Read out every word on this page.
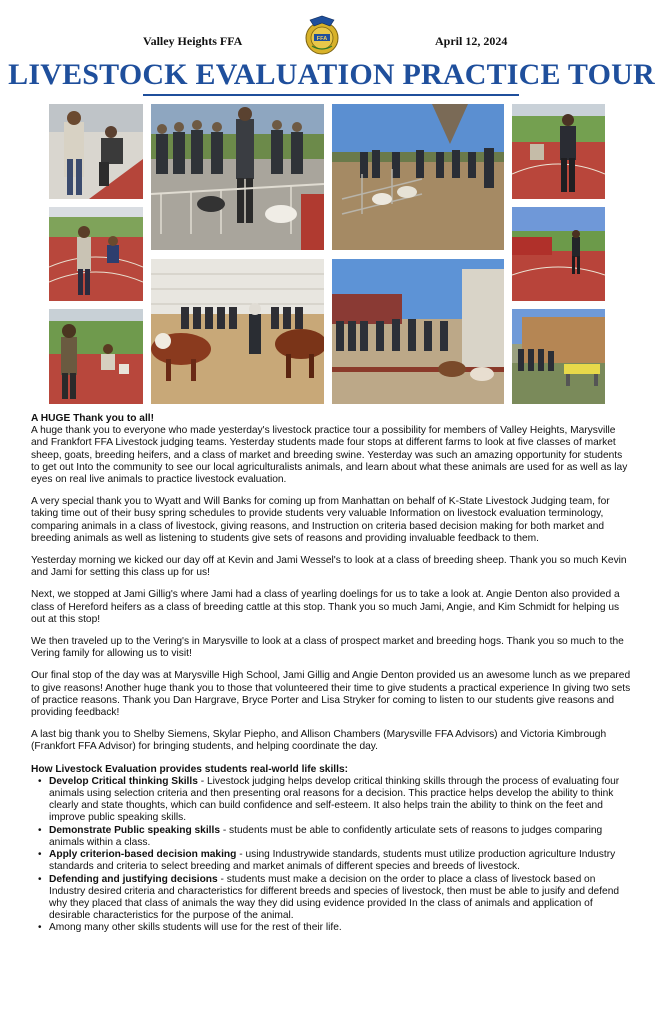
Valley Heights FFA	FFA	April 12, 2024
LIVESTOCK EVALUATION PRACTICE TOUR
A HUGE Thank you to all!

A huge thank you to everyone who made yesterday's livestock practice tour a possibility for members of Valley Heights, Marysville and Frankfort FFA Livestock judging teams. Yesterday students made four stops at different farms to look at five classes of market sheep, goats, breeding heifers, and a class of market and breeding swine. Yesterday was such an amazing opportunity for students to get out Into the community to see our local agriculturalists animals, and learn about what these animals are used for as well as lay eyes on real live animals to practice livestock evaluation.

A very special thank you to Wyatt and Will Banks for coming up from Manhattan on behalf of K-State Livestock Judging team, for taking time out of their busy spring schedules to provide students very valuable Information on livestock evaluation terminology, comparing animals in a class of livestock, giving reasons, and Instruction on criteria based decision making for both market and breeding animals as well as listening to students give sets of reasons and providing invaluable feedback to them.

Yesterday morning we kicked our day off at Kevin and Jami Wessel's to look at a class of breeding sheep. Thank you so much Kevin and Jami for setting this class up for us!

Next, we stopped at Jami Gillig's where Jami had a class of yearling doelings for us to take a look at. Angie Denton also provided a class of Hereford heifers as a class of breeding cattle at this stop. Thank you so much Jami, Angie, and Kim Schmidt for helping us out at this stop!

We then traveled up to the Vering's in Marysville to look at a class of prospect market and breeding hogs. Thank you so much to the Vering family for allowing us to visit!

Our final stop of the day was at Marysville High School, Jami Gillig and Angie Denton provided us an awesome lunch as we prepared to give reasons! Another huge thank you to those that volunteered their time to give students a practical experience In giving two sets of practice reasons. Thank you Dan Hargrave, Bryce Porter and Lisa Stryker for coming to listen to our students give reasons and providing feedback!

A last big thank you to Shelby Siemens, Skylar Piepho, and Allison Chambers (Marysville FFA Advisors) and Victoria Kimbrough (Frankfort FFA Advisor) for bringing students, and helping coordinate the day.

How Livestock Evaluation provides students real-world life skills:
• Develop Critical thinking Skills - Livestock judging helps develop critical thinking skills through the process of evaluating four animals using selection criteria and then presenting oral reasons for a decision. This practice helps develop the ability to think clearly and state thoughts, which can build confidence and self-esteem. It also helps train the ability to think on the feet and improve public speaking skills.
• Demonstrate Public speaking skills - students must be able to confidently articulate sets of reasons to judges comparing animals within a class.
• Apply criterion-based decision making - using Industrywide standards, students must utilize production agriculture Industry standards and criteria to select breeding and market animals of different species and breeds of livestock.
• Defending and justifying decisions - students must make a decision on the order to place a class of livestock based on Industry desired criteria and characteristics for different breeds and species of livestock, then must be able to jusify and defend why they placed that class of animals the way they did using evidence provided In the class of animals and application of desirable characteristics for the purpose of the animal.
• Among many other skills students will use for the rest of their life.
